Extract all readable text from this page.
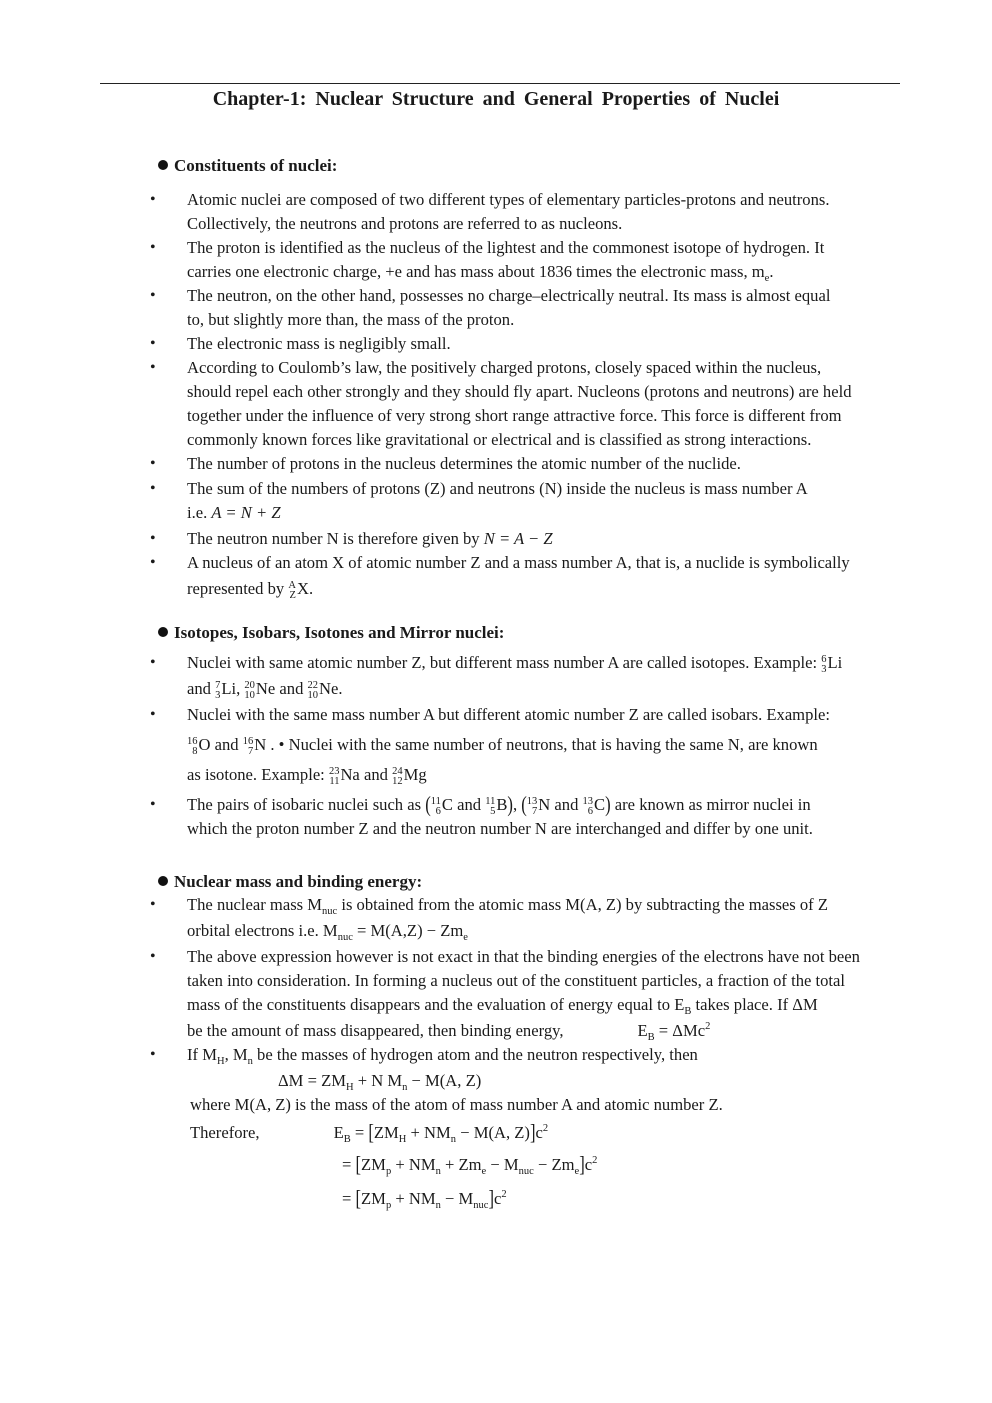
Chapter-1: Nuclear Structure and General Properties of Nuclei
Constituents of nuclei:
• Atomic nuclei are composed of two different types of elementary particles-protons and neutrons.
Collectively, the neutrons and protons are referred to as nucleons.
• The proton is identified as the nucleus of the lightest and the commonest isotope of hydrogen. It
carries one electronic charge, +e and has mass about 1836 times the electronic mass, $m_e$.
• The neutron, on the other hand, possesses no charge–electrically neutral. Its mass is almost equal
to, but slightly more than, the mass of the proton.
• The electronic mass is negligibly small.
• According to Coulomb’s law, the positively charged protons, closely spaced within the nucleus,
should repel each other strongly and they should fly apart. Nucleons (protons and neutrons) are held
together under the influence of very strong short range attractive force. This force is different from
commonly known forces like gravitational or electrical and is classified as strong interactions.
• The number of protons in the nucleus determines the atomic number of the nuclide.
• The sum of the numbers of protons (Z) and neutrons (N) inside the nucleus is mass number A
i.e. A = N + Z
• The neutron number N is therefore given by N = A − Z
• A nucleus of an atom X of atomic number Z and a mass number A, that is, a nuclide is symbolically
represented by A
Z X.
Isotopes, Isobars, Isotones and Mirror nuclei:
• Nuclei with same atomic number Z, but different mass number A are called isotopes. Example: 6
3 Li
and 7
3 Li, 20
10 Ne and 22
10 Ne.
• Nuclei with the same mass number A but different atomic number Z are called isobars. Example:
16
8 O and 16
7 N . • Nuclei with the same number of neutrons, that is having the same N, are known
as isotone. Example: 23
11 Na and 24
12 Mg
• The pairs of isobaric nuclei such as ( 11
6 C and 11
5 B), ( 13
7 N and 13
6 C) are known as mirror nuclei in
which the proton number Z and the neutron number N are interchanged and differ by one unit.
Nuclear mass and binding energy:
• The nuclear mass $M_{nuc}$ is obtained from the atomic mass M(A, Z) by subtracting the masses of Z
orbital electrons i.e. $M_{nuc} = M(A,Z) - Zm_e$
• The above expression however is not exact in that the binding energies of the electrons have not been
taken into consideration. In forming a nucleus out of the constituent particles, a fraction of the total
mass of the constituents disappears and the evaluation of energy equal to $E_B$ takes place. If ΔM
be the amount of mass disappeared, then binding energy,	$E_B = \Delta Mc^2$
• If $M_H$, $M_n$ be the masses of hydrogen atom and the neutron respectively, then
$\Delta M = ZM_H + N$ $M_n - M(A$, Z)
where M(A, Z) is the mass of the atom of mass number A and atomic number Z.
Therefore,	$E_B = [ZM_H + NM_n - M(A$, $Z)]c^2$
= $[ZM_p + NM_n + Zm_e - M_{nuc} - Zm_e]c^2$
= $[ZM_p + NM_n - M_{nuc}]c^2$
